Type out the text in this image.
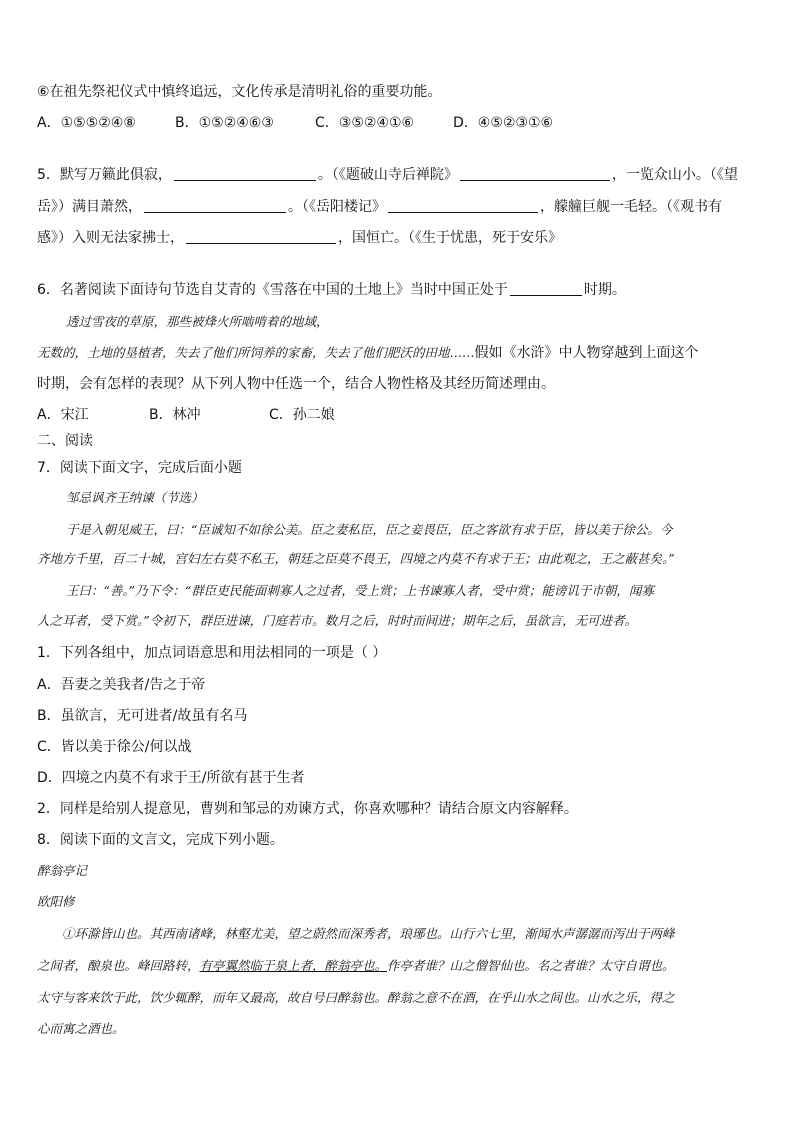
⑥在祖先祭祀仪式中慎终追远，文化传承是清明礼俗的重要功能。
A．①⑤⑤②④⑧	B．①⑤②④⑥③	C．③⑤②④①⑥	D．④⑤②③①⑥
5．默写万籁此俱寂，	。（《题破山寺后禅院》	，一览众山小。（《望
岳》）满目萧然，	。（《岳阳楼记》	，艨艟巨舰一毛轻。（《观书有
感》）入则无法家拂士，	，国恒亡。（《生于忧患，死于安乐》
6．名著阅读下面诗句节选自艾青的《雪落在中国的土地上》当时中国正处于	时期。
透过雪夜的草原，那些被烽火所啮啃着的地域，
无数的，土地的垦植者，失去了他们所饲养的家畜，失去了他们肥沃的田地……假如《水浒》中人物穿越到上面这个
时期，会有怎样的表现？从下列人物中任选一个，结合人物性格及其经历简述理由。
A．宋江	B．林冲	C．孙二娘
二、阅读
7．阅读下面文字，完成后面小题
邹忌讽齐王纳谏（节选）
于是入朝见威王，曰：“臣诚知不如徐公美。臣之妻私臣，臣之妾畏臣，臣之客欲有求于臣，皆以美于徐公。今
齐地方千里，百二十城，宫妇左右莫不私王，朝廷之臣莫不畏王，四境之内莫不有求于王；由此观之，王之蔽甚矣。”
王曰：“善。”乃下令：“群臣吏民能面刺寡人之过者，受上赏；上书谏寡人者，受中赏；能谤讥于市朝，闻寡
人之耳者，受下赏。”令初下，群臣进谏，门庭若市。数月之后，时时而间进；期年之后，虽欲言，无可进者。
1．下列各组中，加点词语意思和用法相同的一项是（ ）
A．吾妻之美我者/告之于帝
B．虽欲言，无可进者/故虽有名马
C．皆以美于徐公/何以战
D．四境之内莫不有求于王/所欲有甚于生者
2．同样是给别人提意见，曹刿和邹忌的劝谏方式，你喜欢哪种？请结合原文内容解释。
8．阅读下面的文言文，完成下列小题。
醉翁亭记
欧阳修
①环滁皆山也。其西南诸峰，林壑尤美，望之蔚然而深秀者，琅琊也。山行六七里，渐闻水声潺潺而泻出于两峰
之间者，酿泉也。峰回路转，有亭翼然临于泉上者，醉翁亭也。作亭者谁？山之僧智仙也。名之者谁？太守自谓也。
太守与客来饮于此，饮少辄醉，而年又最高，故自号曰醉翁也。醉翁之意不在酒，在乎山水之间也。山水之乐，得之
心而寓之酒也。
